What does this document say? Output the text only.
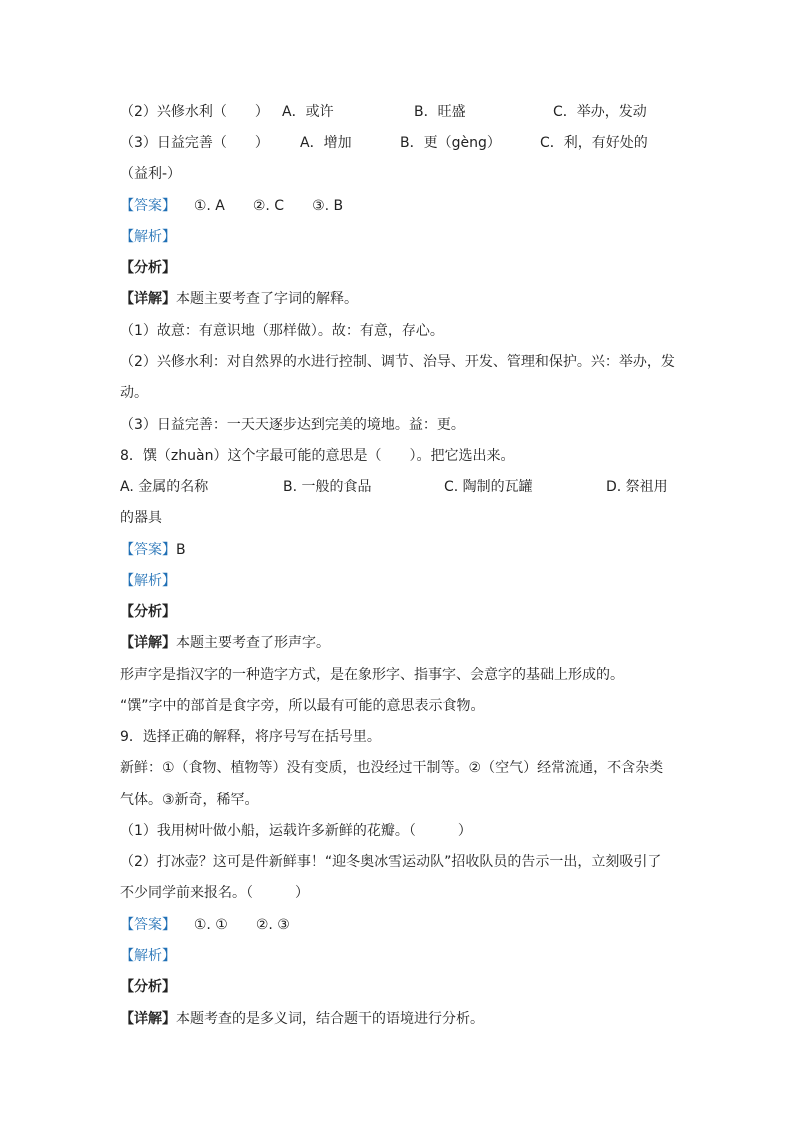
（2）兴修水利（　　） A．或许	B．旺盛	C．举办，发动
（3）日益完善（　　） A．增加	B．更（gèng）	C．利，有好处的
（益利-）
【答案】 ①. A　　②. C　　③. B
【解析】
【分析】
【详解】本题主要考查了字词的解释。
（1）故意：有意识地（那样做）。故：有意，存心。
（2）兴修水利：对自然界的水进行控制、调节、治导、开发、管理和保护。兴：举办，发
动。
（3）日益完善：一天天逐步达到完美的境地。益：更。
8．馔（zhuàn）这个字最可能的意思是（　　）。把它选出来。
A. 金属的名称	B. 一般的食品	C. 陶制的瓦罐	D. 祭祖用
的器具
【答案】B
【解析】
【分析】
【详解】本题主要考查了形声字。
形声字是指汉字的一种造字方式，是在象形字、指事字、会意字的基础上形成的。
“馔”字中的部首是食字旁，所以最有可能的意思表示食物。
9．选择正确的解释，将序号写在括号里。
新鲜：①（食物、植物等）没有变质，也没经过干制等。②（空气）经常流通，不含杂类
气体。③新奇，稀罕。
（1）我用树叶做小船，运载许多新鲜的花瓣。（　　　）
（2）打冰壶？这可是件新鲜事！“迎冬奥冰雪运动队”招收队员的告示一出，立刻吸引了
不少同学前来报名。（　　　）
【答案】 ①. ①　　②. ③
【解析】
【分析】
【详解】本题考查的是多义词，结合题干的语境进行分析。
